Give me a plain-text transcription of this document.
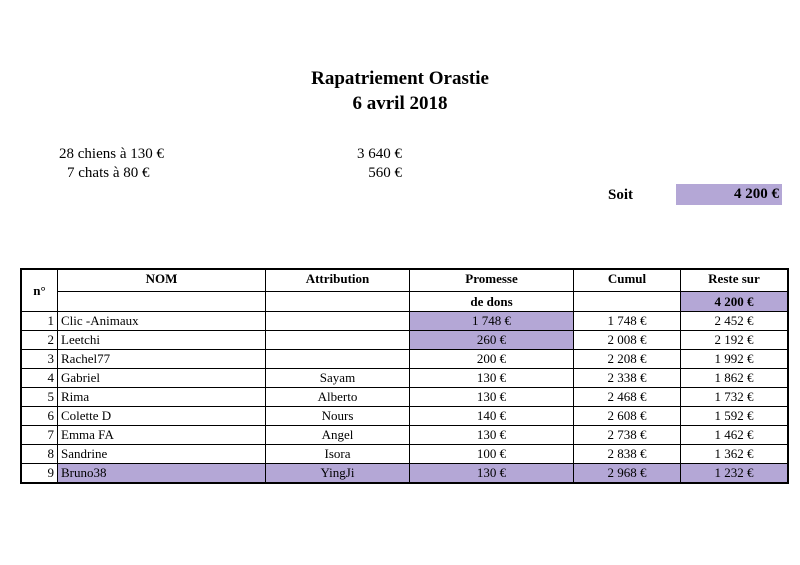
Rapatriement Orastie
6 avril 2018
28 chiens à 130 €	3 640 €
7 chats à 80 €	560 €
Soit	4 200 €
n°	NOM	Attribution	Promesse	Cumul	Reste sur
			de dons		4 200 €
1	Clic -Animaux		1 748 €	1 748 €	2 452 €
2	Leetchi		260 €	2 008 €	2 192 €
3	Rachel77		200 €	2 208 €	1 992 €
4	Gabriel	Sayam	130 €	2 338 €	1 862 €
5	Rima	Alberto	130 €	2 468 €	1 732 €
6	Colette D	Nours	140 €	2 608 €	1 592 €
7	Emma FA	Angel	130 €	2 738 €	1 462 €
8	Sandrine	Isora	100 €	2 838 €	1 362 €
9	Bruno38	YingJi	130 €	2 968 €	1 232 €
